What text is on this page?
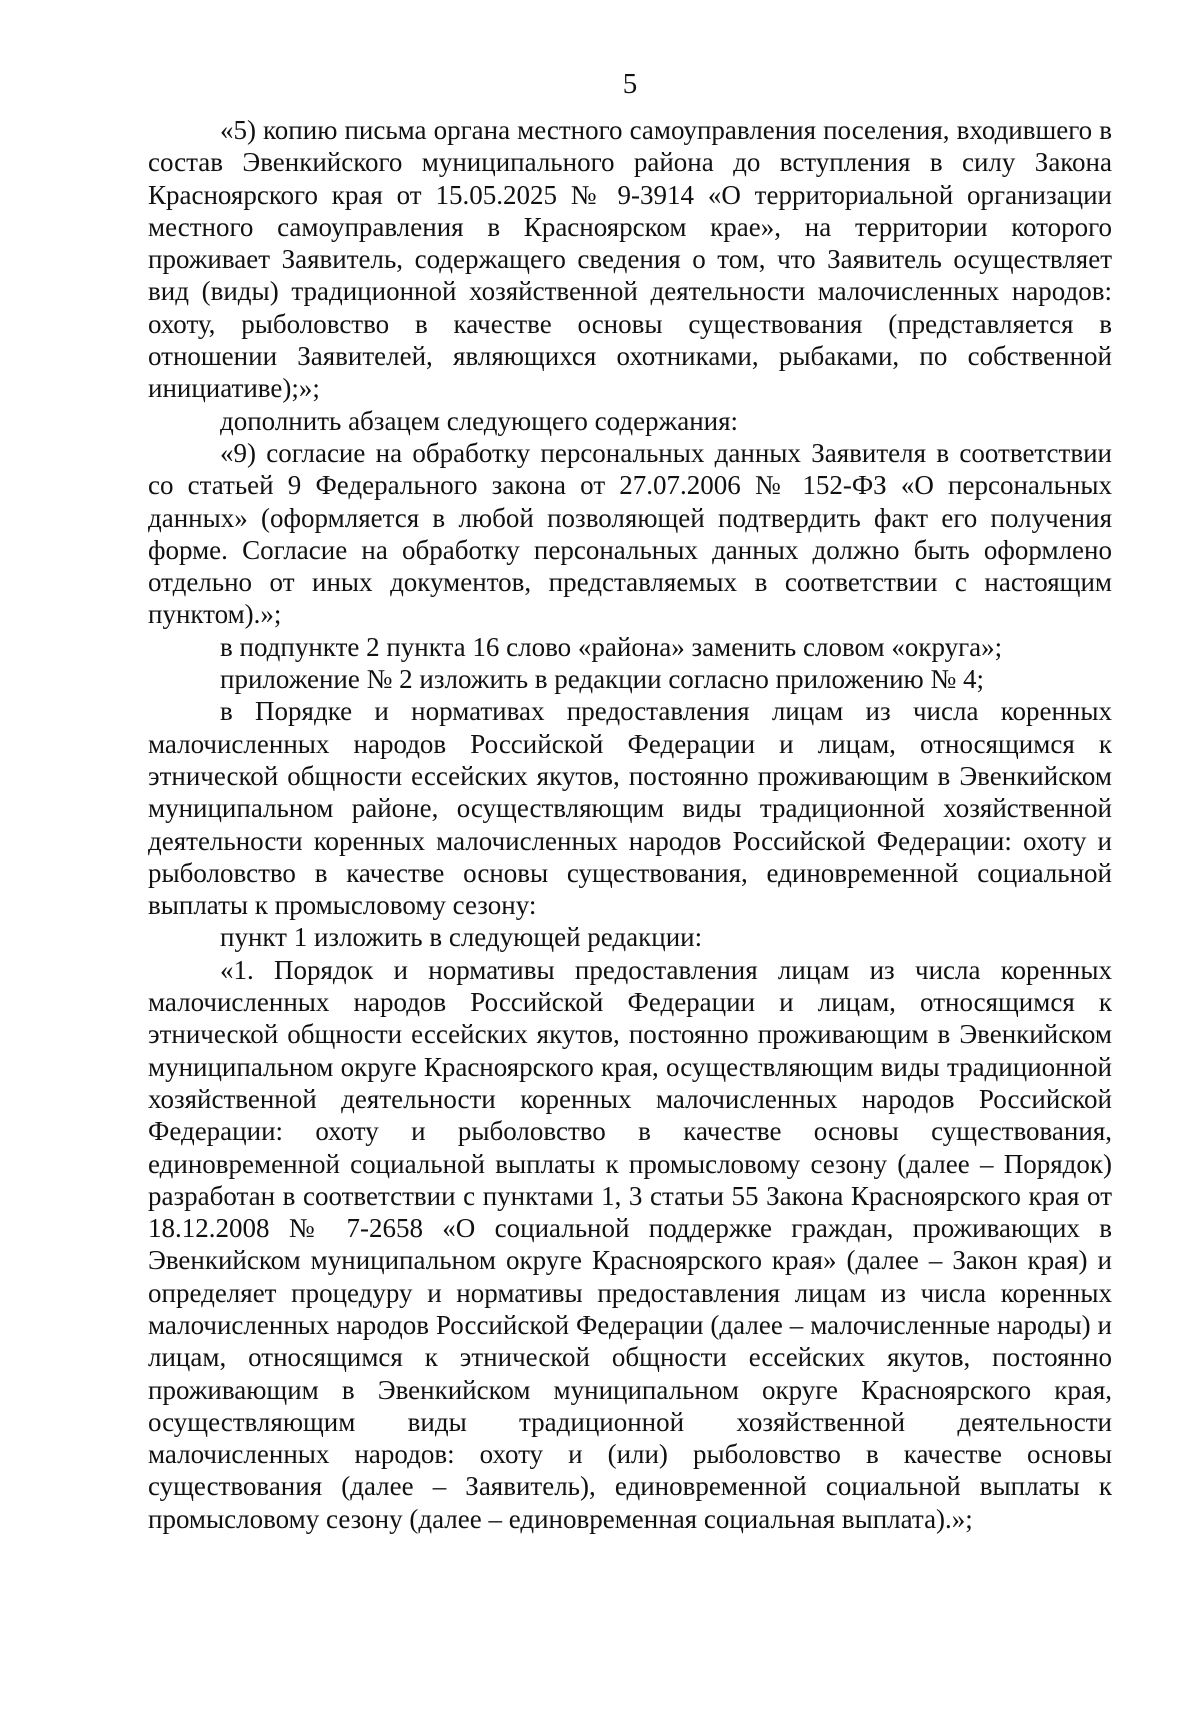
5

«5) копию письма органа местного самоуправления поселения, входившего в состав Эвенкийского муниципального района до вступления в силу Закона Красноярского края от 15.05.2025 № 9-3914 «О территориальной организации местного самоуправления в Красноярском крае», на территории которого проживает Заявитель, содержащего сведения о том, что Заявитель осуществляет вид (виды) традиционной хозяйственной деятельности малочисленных народов: охоту, рыболовство в качестве основы существования (представляется в отношении Заявителей, являющихся охотниками, рыбаками, по собственной инициативе);»;

дополнить абзацем следующего содержания:

«9) согласие на обработку персональных данных Заявителя в соответствии со статьей 9 Федерального закона от 27.07.2006 № 152-ФЗ «О персональных данных» (оформляется в любой позволяющей подтвердить факт его получения форме. Согласие на обработку персональных данных должно быть оформлено отдельно от иных документов, представляемых в соответствии с настоящим пунктом).»;

в подпункте 2 пункта 16 слово «района» заменить словом «округа»;

приложение № 2 изложить в редакции согласно приложению № 4;

в Порядке и нормативах предоставления лицам из числа коренных малочисленных народов Российской Федерации и лицам, относящимся к этнической общности ессейских якутов, постоянно проживающим в Эвенкийском муниципальном районе, осуществляющим виды традиционной хозяйственной деятельности коренных малочисленных народов Российской Федерации: охоту и рыболовство в качестве основы существования, единовременной социальной выплаты к промысловому сезону:

пункт 1 изложить в следующей редакции:

«1. Порядок и нормативы предоставления лицам из числа коренных малочисленных народов Российской Федерации и лицам, относящимся к этнической общности ессейских якутов, постоянно проживающим в Эвенкийском муниципальном округе Красноярского края, осуществляющим виды традиционной хозяйственной деятельности коренных малочисленных народов Российской Федерации: охоту и рыболовство в качестве основы существования, единовременной социальной выплаты к промысловому сезону (далее – Порядок) разработан в соответствии с пунктами 1, 3 статьи 55 Закона Красноярского края от 18.12.2008 № 7-2658 «О социальной поддержке граждан, проживающих в Эвенкийском муниципальном округе Красноярского края» (далее – Закон края) и определяет процедуру и нормативы предоставления лицам из числа коренных малочисленных народов Российской Федерации (далее – малочисленные народы) и лицам, относящимся к этнической общности ессейских якутов, постоянно проживающим в Эвенкийском муниципальном округе Красноярского края, осуществляющим виды традиционной хозяйственной деятельности малочисленных народов: охоту и (или) рыболовство в качестве основы существования (далее – Заявитель), единовременной социальной выплаты к промысловому сезону (далее – единовременная социальная выплата).»;
